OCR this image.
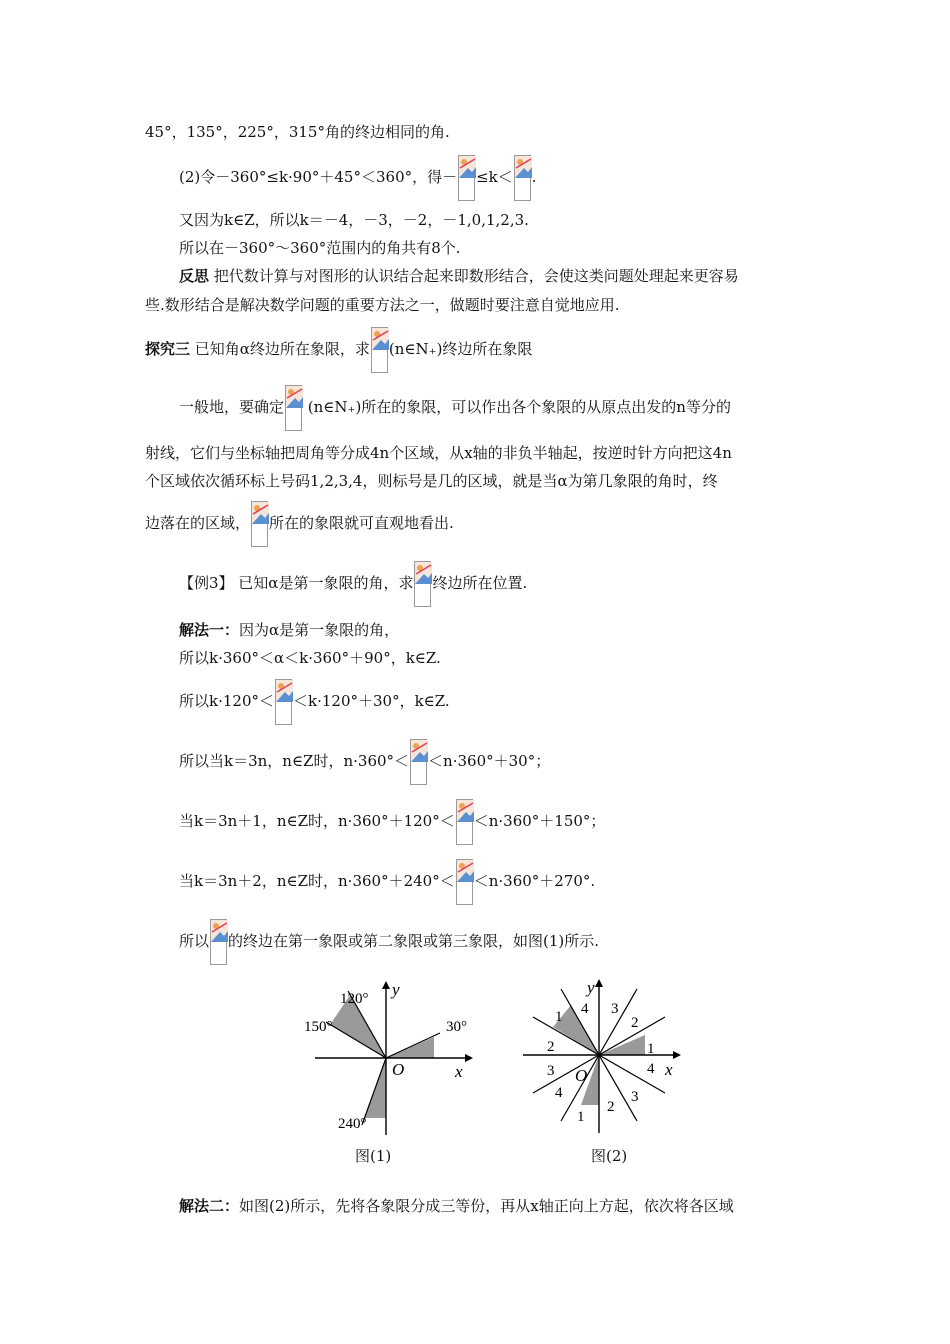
45°，135°，225°，315°角的终边相同的角.
(2)令－360°≤k·90°＋45°＜360°，得－ ≤k＜ .
又因为k∈Z，所以k＝－4，－3，－2，－1,0,1,2,3.
所以在－360°～360°范围内的角共有8个.
反思 把代数计算与对图形的认识结合起来即数形结合，会使这类问题处理起来更容易
些.数形结合是解决数学问题的重要方法之一，做题时要注意自觉地应用.
探究三 已知角α终边所在象限，求 (n∈N₊)终边所在象限
一般地，要确定
(n∈N₊)所在的象限，可以作出各个象限的从原点出发的n等分的
射线，它们与坐标轴把周角等分成4n个区域，从x轴的非负半轴起，按逆时针方向把这4n
个区域依次循环标上号码1,2,3,4，则标号是几的区域，就是当α为第几象限的角时，终
边落在的区域， 所在的象限就可直观地看出.
【例3】 已知α是第一象限的角，求 终边所在位置.
解法一：因为α是第一象限的角，
所以k·360°＜α＜k·360°＋90°，k∈Z.
所以k·120°＜ ＜k·120°＋30°，k∈Z.
所以当k＝3n，n∈Z时，n·360°＜ ＜n·360°＋30°；
当k＝3n＋1，n∈Z时，n·360°＋120°＜ ＜n·360°＋150°；
当k＝3n＋2，n∈Z时，n·360°＋240°＜ ＜n·360°＋270°.
所以 的终边在第一象限或第二象限或第三象限，如图(1)所示.
y
x
O
120°
150°	30°
240°
图(1)
y
x
O
1
2
3
4
1
2
3
4
1
2
3
4
图(2)
解法二：如图(2)所示，先将各象限分成三等份，再从x轴正向上方起，依次将各区域
